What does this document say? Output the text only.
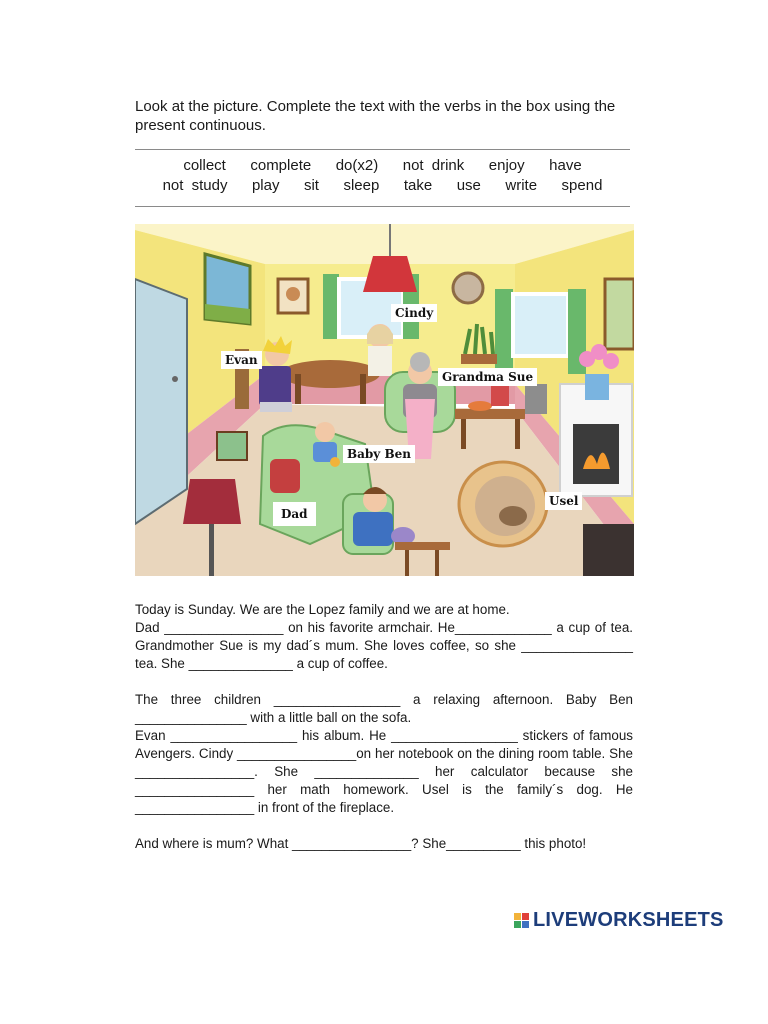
Look at the picture. Complete the text with the verbs in the box using the present continuous.
collect   complete   do(x2)   not drink   enjoy   have
not study   play   sit   sleep   take   use   write   spend
Cindy
Evan
Grandma Sue
Baby Ben
Dad
Usel

Today is Sunday. We are the Lopez family and we are at home.

Dad ________________ on his favorite armchair. He_____________ a cup of tea. Grandmother Sue is my dad´s mum. She loves coffee, so she _______________ tea. She ______________ a cup of coffee.

The three children _________________ a relaxing afternoon. Baby Ben _______________ with a little ball on the sofa.

Evan _________________ his album. He _________________ stickers of famous Avengers. Cindy ________________on her notebook on the dining room table. She ________________. She ______________ her calculator because she ________________ her math homework. Usel is the family´s dog. He ________________ in front of the fireplace.

And where is mum? What ________________? She__________ this photo!

LIVEWORKSHEETS
